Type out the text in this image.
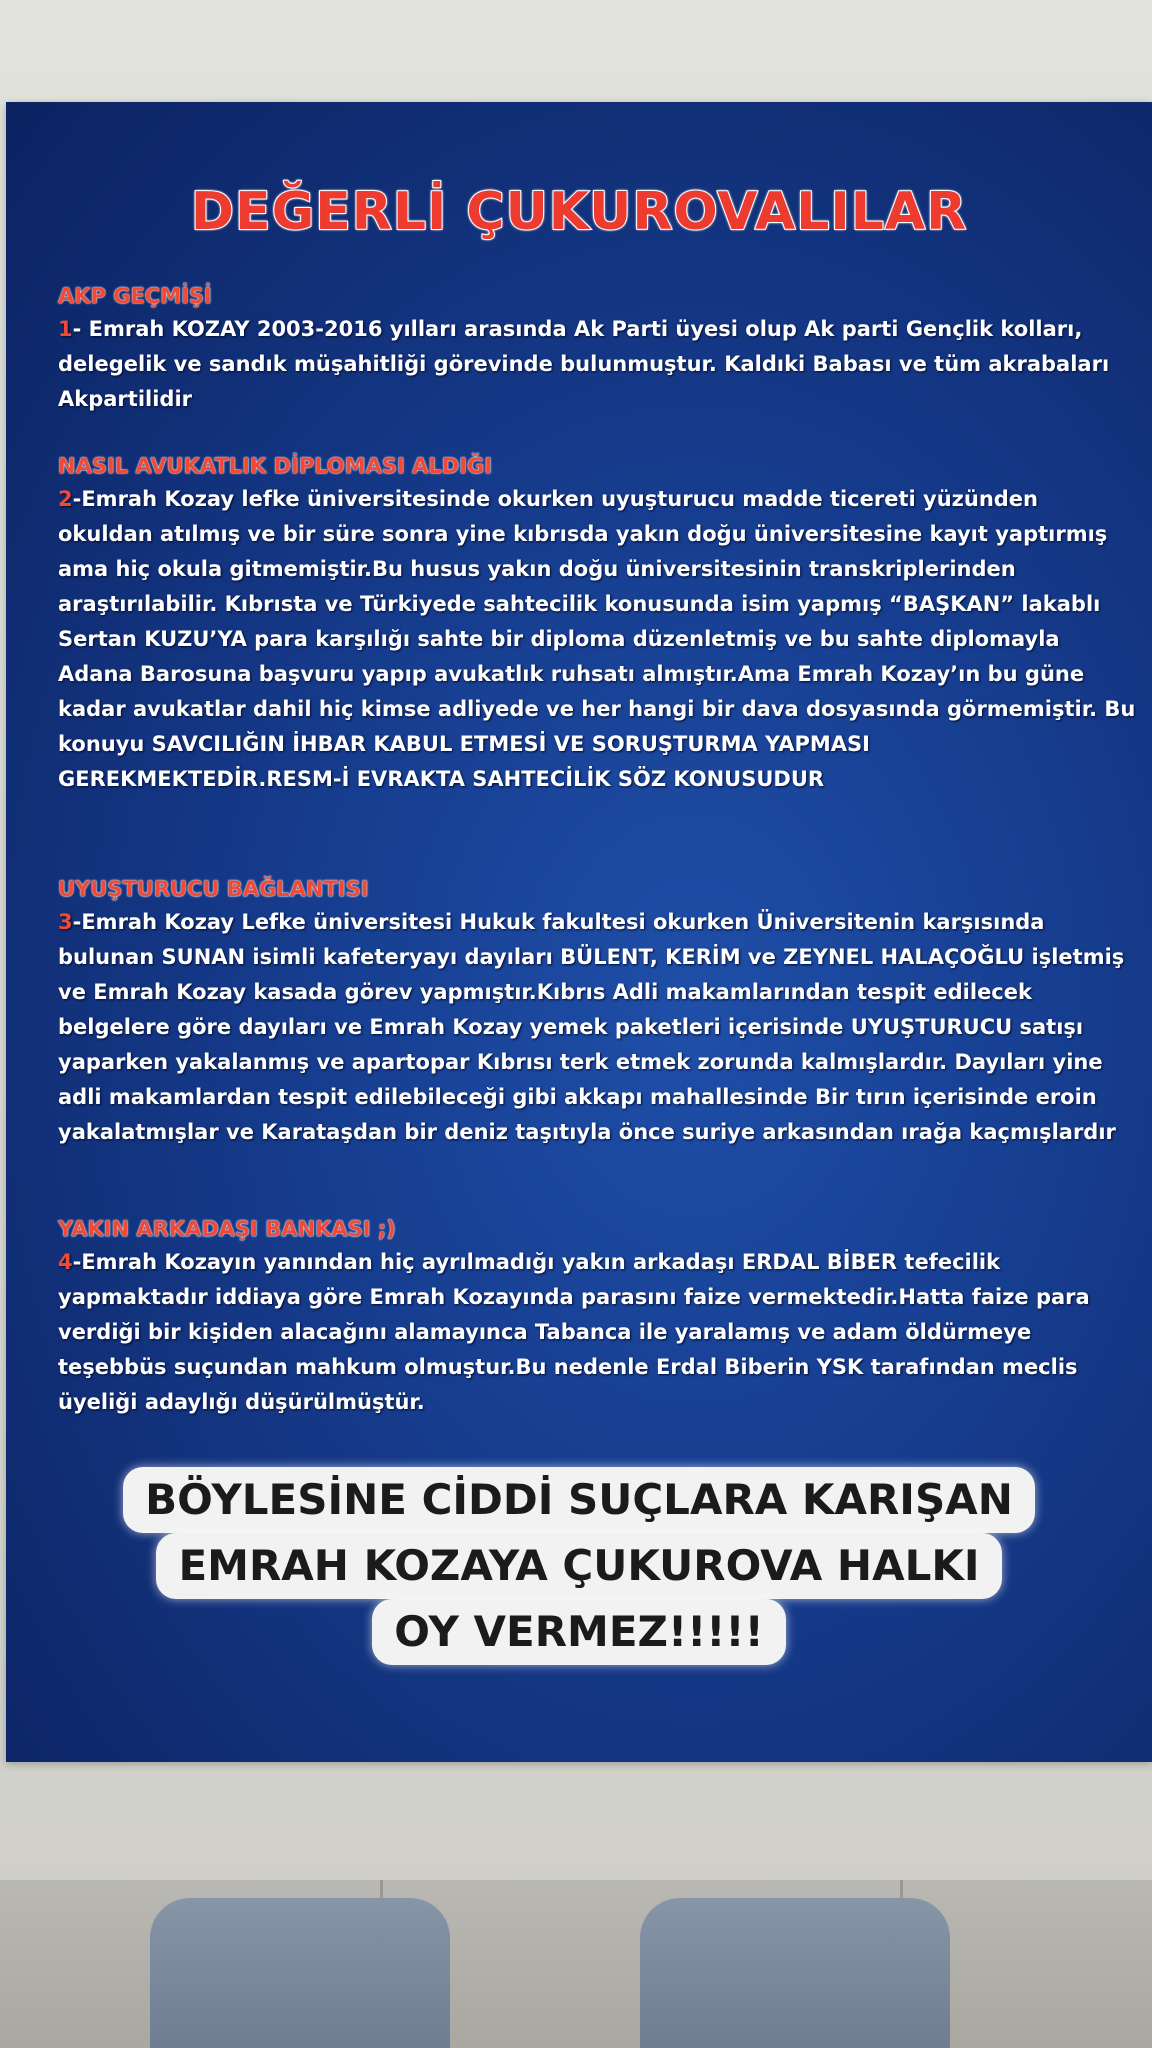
DEĞERLİ ÇUKUROVALILAR
AKP GEÇMİŞİ
1- Emrah KOZAY 2003-2016 yılları arasında Ak Parti üyesi olup Ak parti Gençlik kolları, delegelik ve sandık müşahitliği görevinde bulunmuştur. Kaldıki Babası ve tüm akrabaları Akpartilidir
NASIL AVUKATLIK DİPLOMASI ALDIĞI
2-Emrah Kozay lefke üniversitesinde okurken uyuşturucu madde ticereti yüzünden okuldan atılmış ve bir süre sonra yine kıbrısda yakın doğu üniversitesine kayıt yaptırmış ama hiç okula gitmemiştir.Bu husus yakın doğu üniversitesinin transkriplerinden araştırılabilir. Kıbrısta ve Türkiyede sahtecilik konusunda isim yapmış “BAŞKAN” lakablı Sertan KUZU’YA para karşılığı sahte bir diploma düzenletmiş ve bu sahte diplomayla Adana Barosuna başvuru yapıp avukatlık ruhsatı almıştır.Ama Emrah Kozay’ın bu güne kadar avukatlar dahil hiç kimse adliyede ve her hangi bir dava dosyasında görmemiştir. Bu konuyu SAVCILIĞIN İHBAR KABUL ETMESİ VE SORUŞTURMA YAPMASI GEREKMEKTEDİR.RESM-İ EVRAKTA SAHTECİLİK SÖZ KONUSUDUR
UYUŞTURUCU BAĞLANTISI
3-Emrah Kozay Lefke üniversitesi Hukuk fakultesi okurken Üniversitenin karşısında bulunan SUNAN isimli kafeteryayı dayıları BÜLENT, KERİM ve ZEYNEL HALAÇOĞLU işletmiş ve Emrah Kozay kasada görev yapmıştır.Kıbrıs Adli makamlarından tespit edilecek belgelere göre dayıları ve Emrah Kozay yemek paketleri içerisinde UYUŞTURUCU satışı yaparken yakalanmış ve apartopar Kıbrısı terk etmek zorunda kalmışlardır. Dayıları yine adli makamlardan tespit edilebileceği gibi akkapı mahallesinde Bir tırın içerisinde eroin yakalatmışlar ve Karataşdan bir deniz taşıtıyla önce suriye arkasından ırağa kaçmışlardır
YAKIN ARKADAŞI BANKASI ;)
4-Emrah Kozayın yanından hiç ayrılmadığı yakın arkadaşı ERDAL BİBER tefecilik yapmaktadır iddiaya göre Emrah Kozayında parasını faize vermektedir.Hatta faize para verdiği bir kişiden alacağını alamayınca Tabanca ile yaralamış ve adam öldürmeye teşebbüs suçundan mahkum olmuştur.Bu nedenle Erdal Biberin YSK tarafından meclis üyeliği adaylığı düşürülmüştür.
BÖYLESİNE CİDDİ SUÇLARA KARIŞAN
EMRAH KOZAYA ÇUKUROVA HALKI
OY VERMEZ!!!!!
